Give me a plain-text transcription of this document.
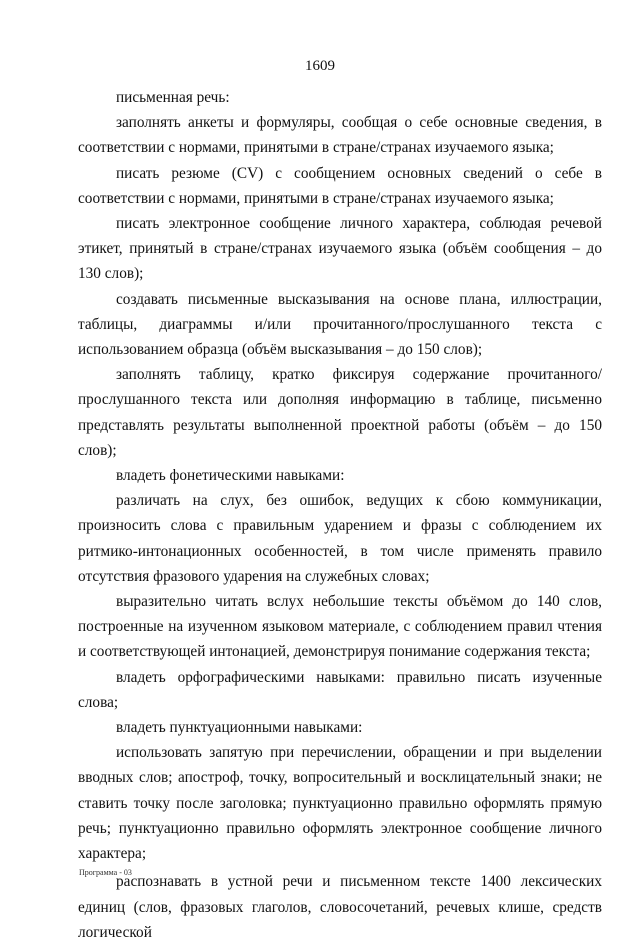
1609

письменная речь:

заполнять анкеты и формуляры, сообщая о себе основные сведения, в соответствии с нормами, принятыми в стране/странах изучаемого языка;

писать резюме (CV) с сообщением основных сведений о себе в соответствии с нормами, принятыми в стране/странах изучаемого языка;

писать электронное сообщение личного характера, соблюдая речевой этикет, принятый в стране/странах изучаемого языка (объём сообщения – до 130 слов);

создавать письменные высказывания на основе плана, иллюстрации, таблицы, диаграммы и/или прочитанного/прослушанного текста с использованием образца (объём высказывания – до 150 слов);

заполнять таблицу, кратко фиксируя содержание прочитанного/ прослушанного текста или дополняя информацию в таблице, письменно представлять результаты выполненной проектной работы (объём – до 150 слов);

владеть фонетическими навыками:

различать на слух, без ошибок, ведущих к сбою коммуникации, произносить слова с правильным ударением и фразы с соблюдением их ритмико-интонационных особенностей, в том числе применять правило отсутствия фразового ударения на служебных словах;

выразительно читать вслух небольшие тексты объёмом до 140 слов, построенные на изученном языковом материале, с соблюдением правил чтения и соответствующей интонацией, демонстрируя понимание содержания текста;

владеть орфографическими навыками: правильно писать изученные слова;

владеть пунктуационными навыками:

использовать запятую при перечислении, обращении и при выделении вводных слов; апостроф, точку, вопросительный и восклицательный знаки; не ставить точку после заголовка; пунктуационно правильно оформлять прямую речь; пунктуационно правильно оформлять электронное сообщение личного характера;

распознавать в устной речи и письменном тексте 1400 лексических единиц (слов, фразовых глаголов, словосочетаний, речевых клише, средств логической

Программа - 03
